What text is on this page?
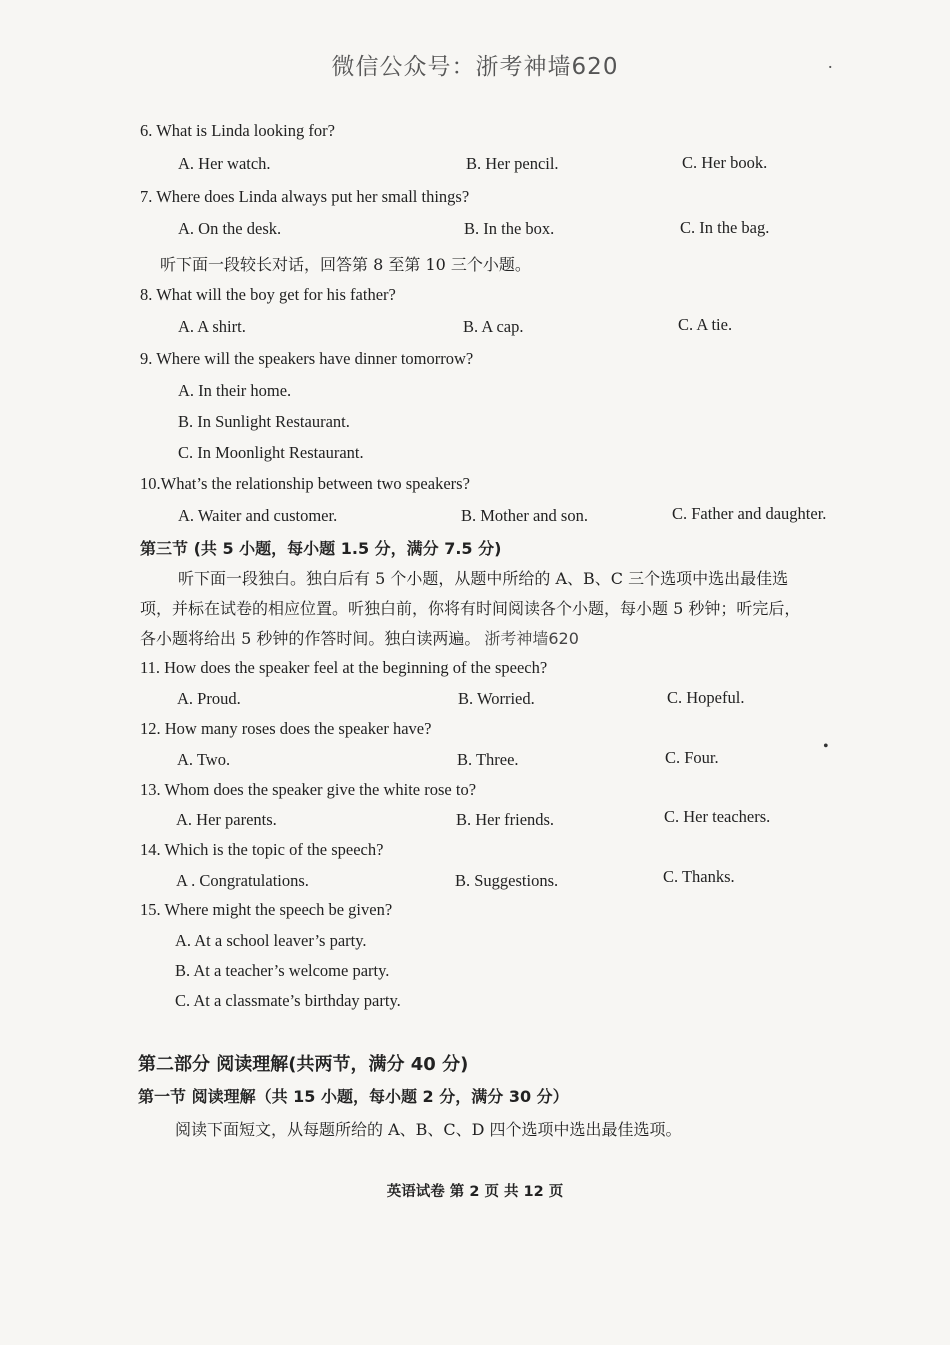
微信公众号：浙考神墙620	.
6. What is Linda looking for?
A. Her watch.	B. Her pencil.	C. Her book.
7. Where does Linda always put her small things?
A. On the desk.	B. In the box.	C. In the bag.
听下面一段较长对话，回答第 8 至第 10 三个小题。
8. What will the boy get for his father?
A. A shirt.	B. A cap.	C. A tie.
9. Where will the speakers have dinner tomorrow?
A. In their home.
B. In Sunlight Restaurant.
C. In Moonlight Restaurant.
10.What’s the relationship between two speakers?
A. Waiter and customer.	B. Mother and son.	C. Father and daughter.
第三节 (共 5 小题，每小题 1.5 分，满分 7.5 分)
听下面一段独白。独白后有 5 个小题，从题中所给的 A、B、C 三个选项中选出最佳选
项，并标在试卷的相应位置。听独白前，你将有时间阅读各个小题，每小题 5 秒钟；听完后，
各小题将给出 5 秒钟的作答时间。独白读两遍。 浙考神墙620
11. How does the speaker feel at the beginning of the speech?
A. Proud.	B. Worried.	C. Hopeful.
12. How many roses does the speaker have?
A. Two.	B. Three.	C. Four.
•
13. Whom does the speaker give the white rose to?
A. Her parents.	B. Her friends.	C. Her teachers.
14. Which is the topic of the speech?
A . Congratulations.	B. Suggestions.	C. Thanks.
15. Where might the speech be given?
A. At a school leaver’s party.
B. At a teacher’s welcome party.
C. At a classmate’s birthday party.
第二部分 阅读理解(共两节，满分 40 分)
第一节 阅读理解（共 15 小题，每小题 2 分，满分 30 分）
阅读下面短文，从每题所给的 A、B、C、D 四个选项中选出最佳选项。
英语试卷 第 2 页 共 12 页
